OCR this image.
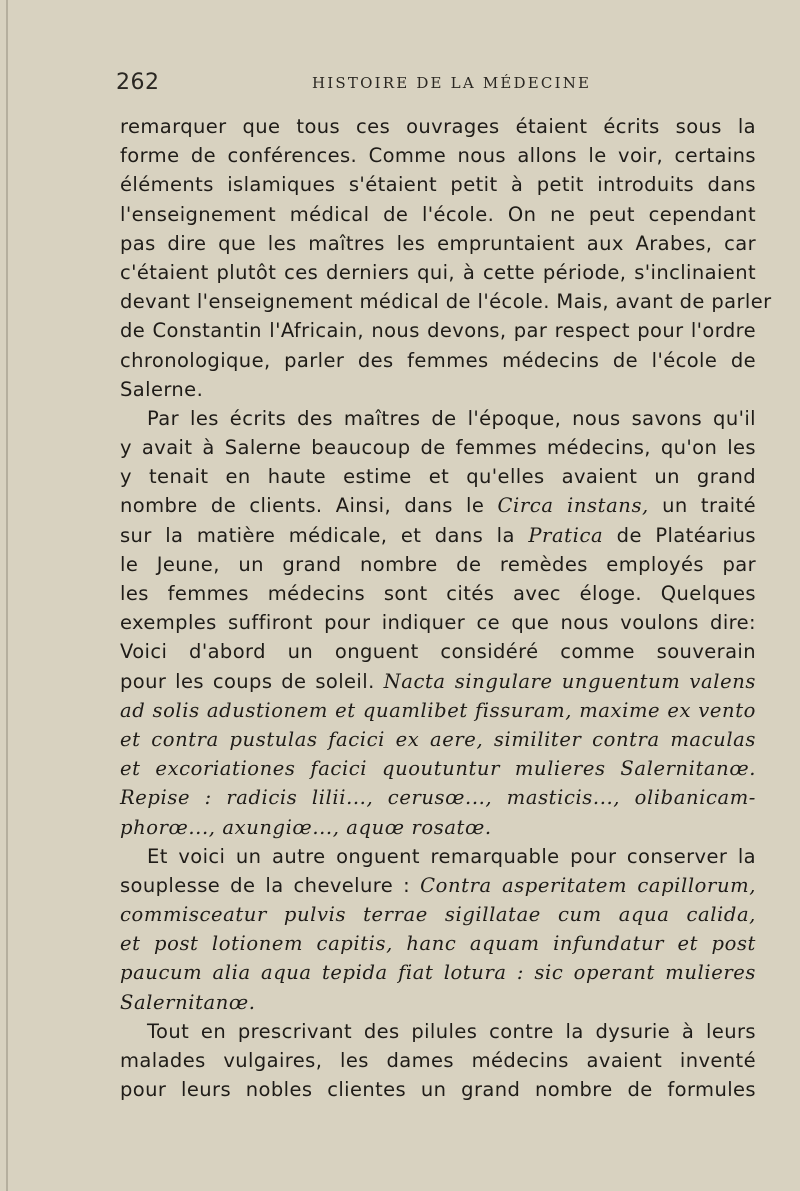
262	HISTOIRE DE LA MÉDECINE
remarquer que tous ces ouvrages étaient écrits sous la
forme de conférences. Comme nous allons le voir, certains
éléments islamiques s'étaient petit à petit introduits dans
l'enseignement médical de l'école. On ne peut cependant
pas dire que les maîtres les empruntaient aux Arabes, car
c'étaient plutôt ces derniers qui, à cette période, s'inclinaient
devant l'enseignement médical de l'école. Mais, avant de parler
de Constantin l'Africain, nous devons, par respect pour l'ordre
chronologique, parler des femmes médecins de l'école de
Salerne.
Par les écrits des maîtres de l'époque, nous savons qu'il
y avait à Salerne beaucoup de femmes médecins, qu'on les
y tenait en haute estime et qu'elles avaient un grand
nombre de clients. Ainsi, dans le Circa instans, un traité
sur la matière médicale, et dans la Pratica de Platéarius
le Jeune, un grand nombre de remèdes employés par
les femmes médecins sont cités avec éloge. Quelques
exemples suffiront pour indiquer ce que nous voulons dire:
Voici d'abord un onguent considéré comme souverain
pour les coups de soleil. Nacta singulare unguentum valens
ad solis adustionem et quamlibet fissuram, maxime ex vento
et contra pustulas facici ex aere, similiter contra maculas
et excoriationes facici quoutuntur mulieres Salernitanœ.
Repise : radicis lilii..., cerusœ..., masticis..., olibanicam-
phorœ..., axungiœ..., aquœ rosatœ.
Et voici un autre onguent remarquable pour conserver la
souplesse de la chevelure : Contra asperitatem capillorum,
commisceatur pulvis terrae sigillatae cum aqua calida,
et post lotionem capitis, hanc aquam infundatur et post
paucum alia aqua tepida fiat lotura : sic operant mulieres
Salernitanœ.
Tout en prescrivant des pilules contre la dysurie à leurs
malades vulgaires, les dames médecins avaient inventé
pour leurs nobles clientes un grand nombre de formules
